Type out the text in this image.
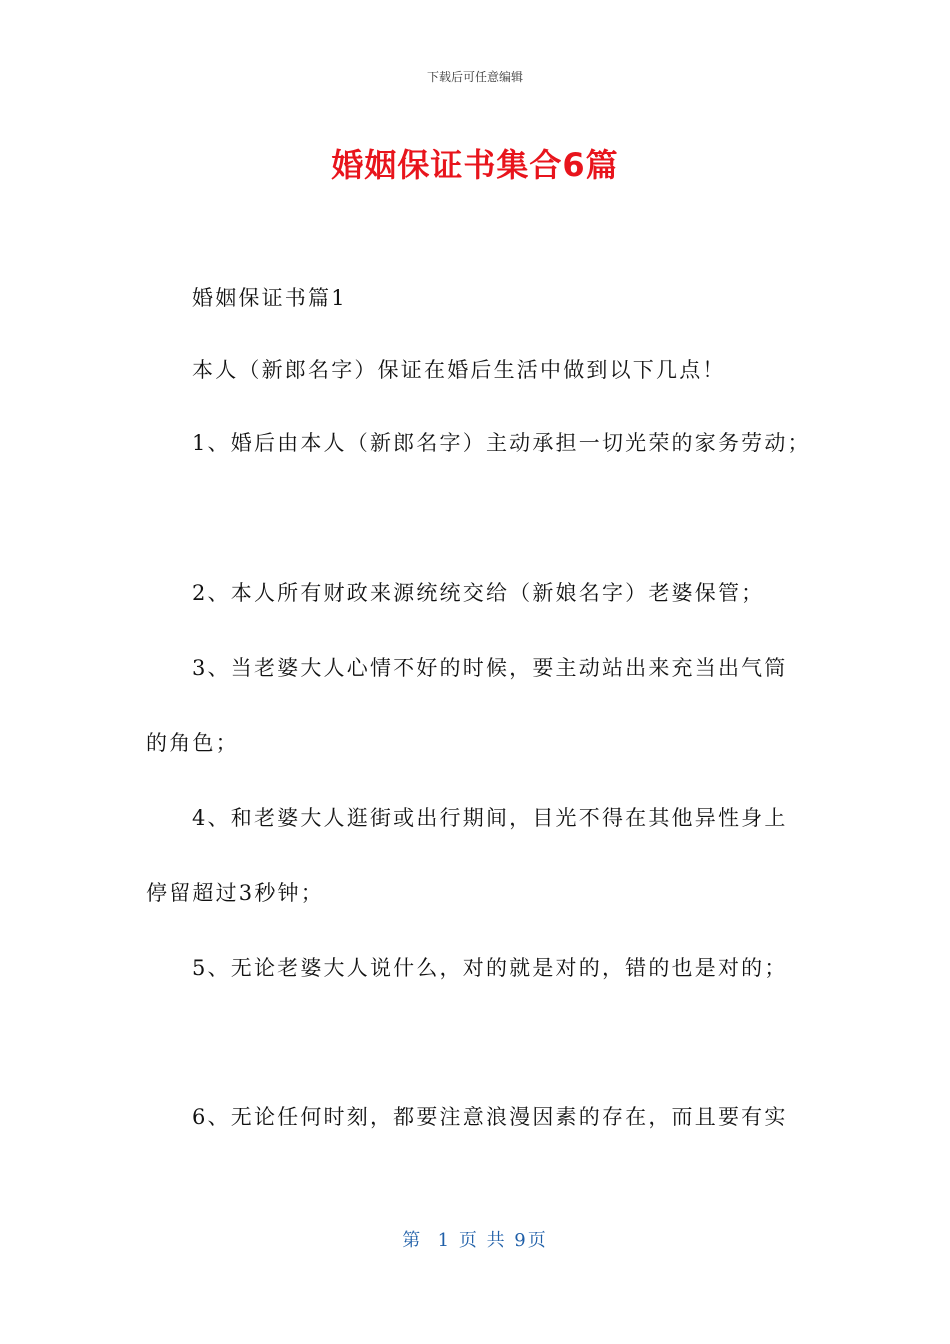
下载后可任意编辑
婚姻保证书集合6篇
婚姻保证书篇1
本人（新郎名字）保证在婚后生活中做到以下几点！
1、婚后由本人（新郎名字）主动承担一切光荣的家务劳动；
2、本人所有财政来源统统交给（新娘名字）老婆保管；
3、当老婆大人心情不好的时候，要主动站出来充当出气筒
的角色；
4、和老婆大人逛街或出行期间，目光不得在其他异性身上
停留超过3秒钟；
5、无论老婆大人说什么，对的就是对的，错的也是对的；
6、无论任何时刻，都要注意浪漫因素的存在，而且要有实
第  1 页 共 9页
